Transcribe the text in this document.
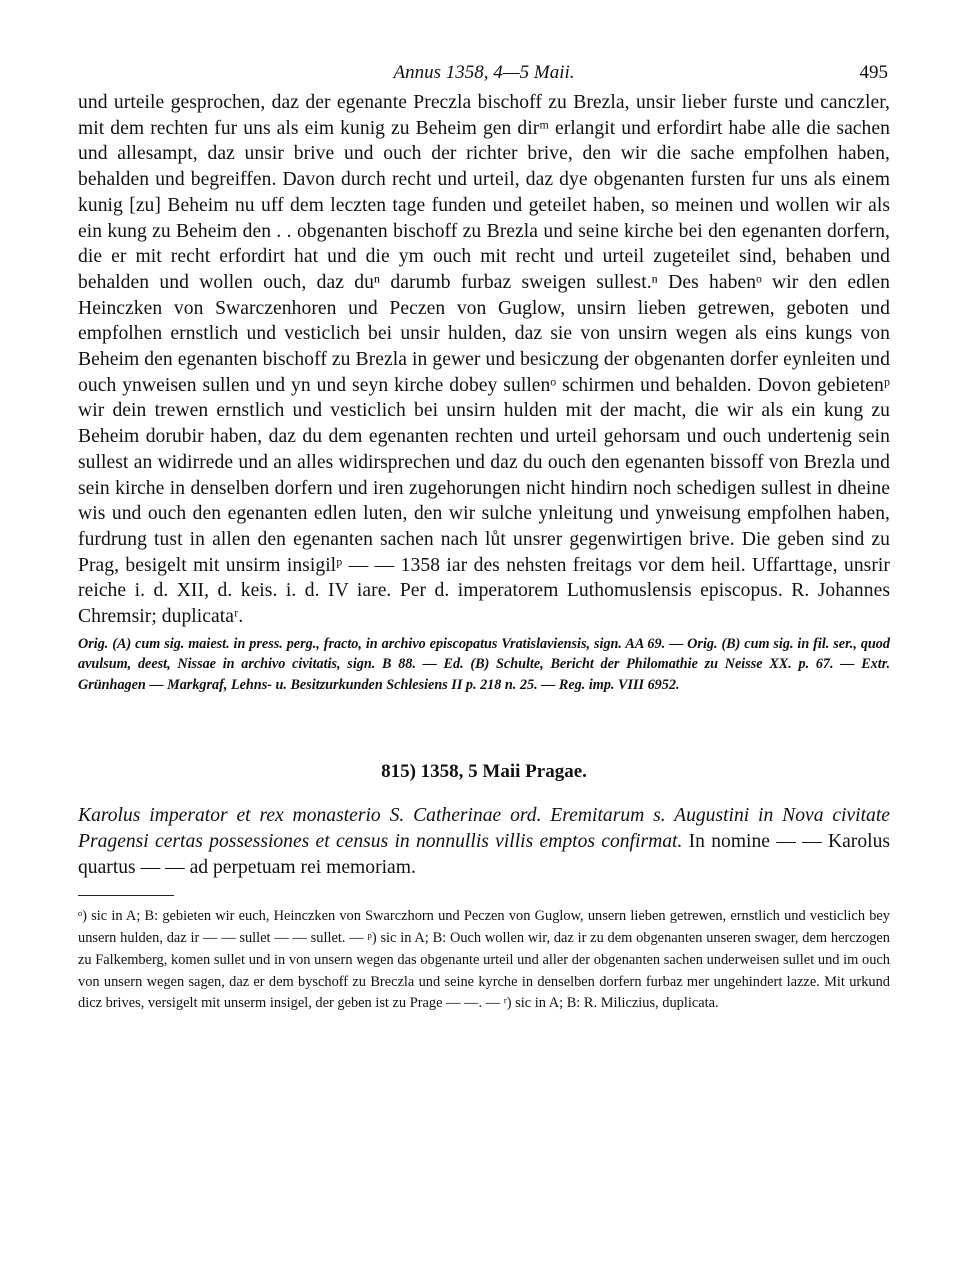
Annus 1358, 4—5 Maii.	495

und urteile gesprochen, daz der egenante Preczla bischoff zu Brezla, unsir lieber furste und canczler, mit dem rechten fur uns als eim kunig zu Beheim gen dirᵐ erlangit und erfordirt habe alle die sachen und allesampt, daz unsir brive und ouch der richter brive, den wir die sache empfolhen haben, behalden und begreiffen. Davon durch recht und urteil, daz dye obgenanten fursten fur uns als einem kunig [zu] Beheim nu uff dem leczten tage funden und geteilet haben, so meinen und wollen wir als ein kung zu Beheim den . . obgenanten bischoff zu Brezla und seine kirche bei den egenanten dorfern, die er mit recht erfordirt hat und die ym ouch mit recht und urteil zugeteilet sind, behaben und behalden und wollen ouch, daz duⁿ darumb furbaz sweigen sullest.ⁿ Des habenᵒ wir den edlen Heinczken von Swarczenhoren und Peczen von Guglow, unsirn lieben getrewen, geboten und empfolhen ernstlich und vesticlich bei unsir hulden, daz sie von unsirn wegen als eins kungs von Beheim den egenanten bischoff zu Brezla in gewer und besiczung der obgenanten dorfer eynleiten und ouch ynweisen sullen und yn und seyn kirche dobey sullenᵒ schirmen und behalden. Dovon gebietenᵖ wir dein trewen ernstlich und vesticlich bei unsirn hulden mit der macht, die wir als ein kung zu Beheim dorubir haben, daz du dem egenanten rechten und urteil gehorsam und ouch undertenig sein sullest an widirrede und an alles widirsprechen und daz du ouch den egenanten bissoff von Brezla und sein kirche in denselben dorfern und iren zugehorungen nicht hindirn noch schedigen sullest in dheine wis und ouch den egenanten edlen luten, den wir sulche ynleitung und ynweisung empfolhen haben, furdrung tust in allen den egenanten sachen nach lůt unsrer gegenwirtigen brive. Die geben sind zu Prag, besigelt mit unsirm insigilᵖ — — 1358 iar des nehsten freitags vor dem heil. Uffarttage, unsrir reiche i. d. XII, d. keis. i. d. IV iare. Per d. imperatorem Luthomuslensis episcopus. R. Johannes Chremsir; duplicataʳ.

Orig. (A) cum sig. maiest. in press. perg., fracto, in archivo episcopatus Vratislaviensis, sign. AA 69. — Orig. (B) cum sig. in fil. ser., quod avulsum, deest, Nissae in archivo civitatis, sign. B 88. — Ed. (B) Schulte, Bericht der Philomathie zu Neisse XX. p. 67. — Extr. Grünhagen — Markgraf, Lehns- u. Besitzurkunden Schlesiens II p. 218 n. 25. — Reg. imp. VIII 6952.

815) 1358, 5 Maii Pragae.

Karolus imperator et rex monasterio S. Catherinae ord. Eremitarum s. Augustini in Nova civitate Pragensi certas possessiones et census in nonnullis villis emptos confirmat. In nomine — — Karolus quartus — — ad perpetuam rei memoriam.

ᵒ) sic in A; B: gebieten wir euch, Heinczken von Swarczhorn und Peczen von Guglow, unsern lieben getrewen, ernstlich und vesticlich bey unsern hulden, daz ir — — sullet — — sullet. — ᵖ) sic in A; B: Ouch wollen wir, daz ir zu dem obgenanten unseren swager, dem herczogen zu Falkemberg, komen sullet und in von unsern wegen das obgenante urteil und aller der obgenanten sachen underweisen sullet und im ouch von unsern wegen sagen, daz er dem byschoff zu Breczla und seine kyrche in denselben dorfern furbaz mer ungehindert lazze. Mit urkund dicz brives, versigelt mit unserm insigel, der geben ist zu Prage — —. — ʳ) sic in A; B: R. Miliczius, duplicata.
